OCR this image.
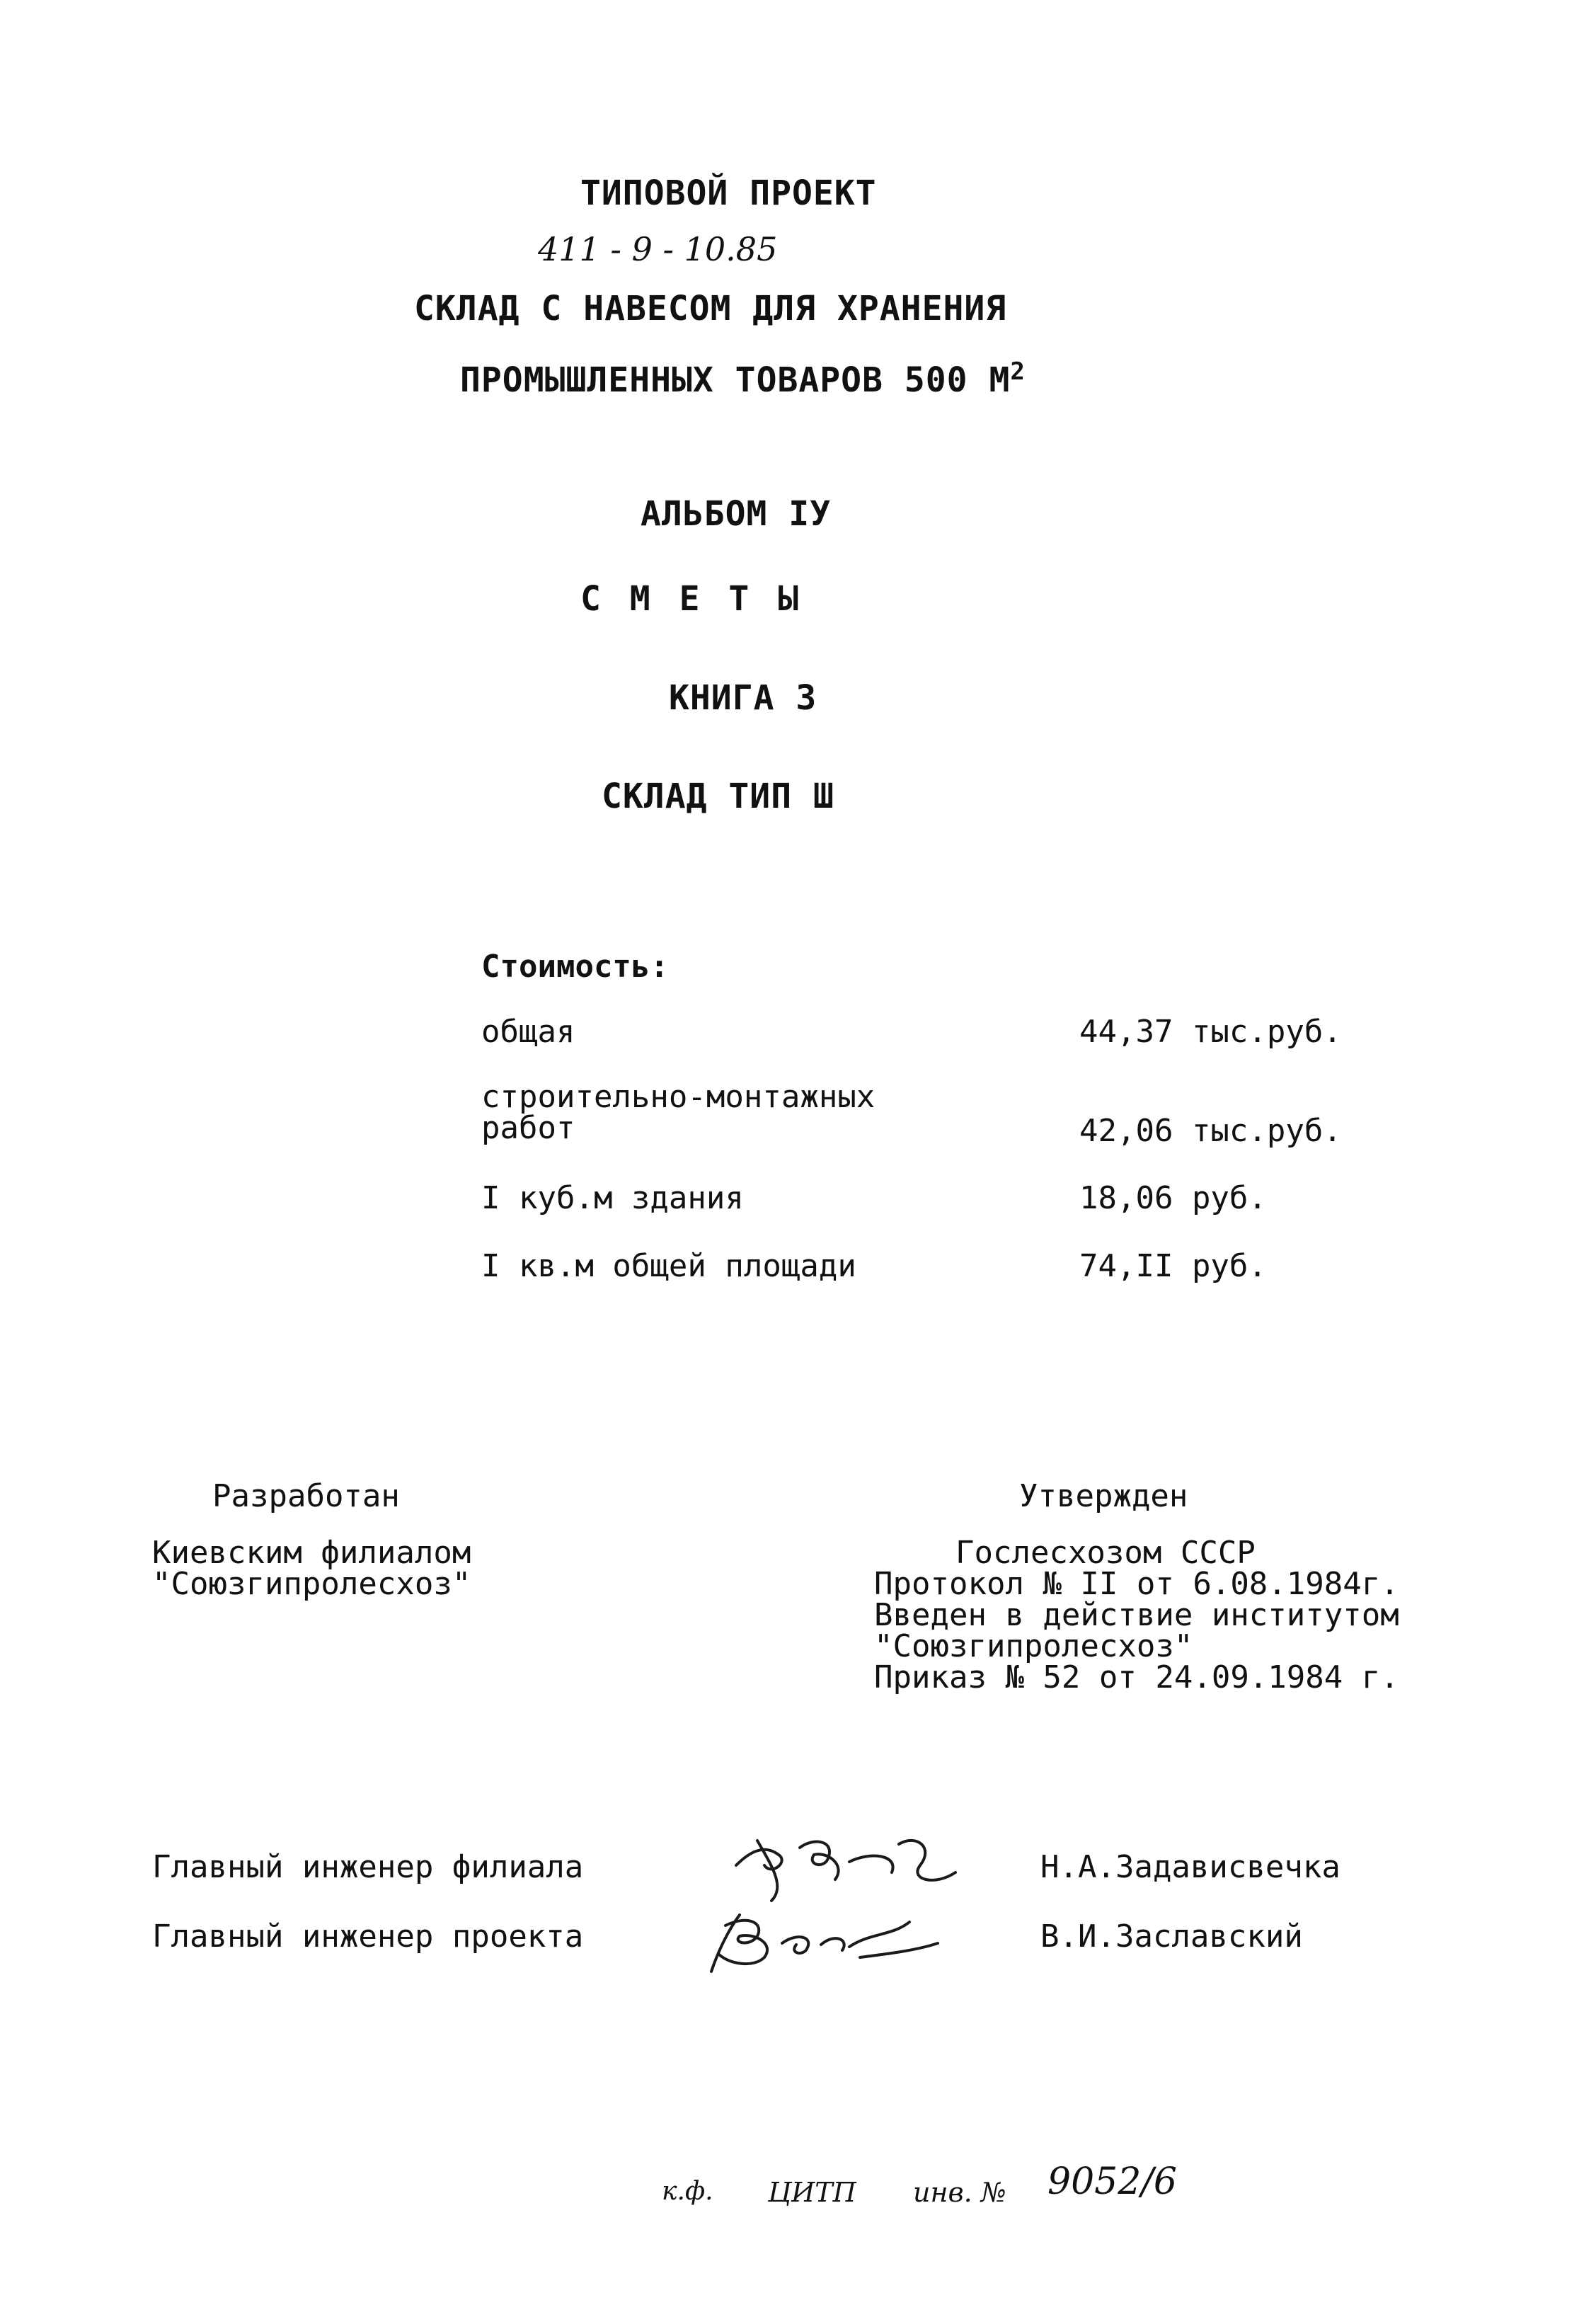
ТИПОВОЙ ПРОЕКТ
411 - 9 - 10.85
СКЛАД С НАВЕСОМ ДЛЯ ХРАНЕНИЯ
ПРОМЫШЛЕННЫХ ТОВАРОВ 500 $М^2$
АЛЬБОМ IУ
С М Е Т Ы
КНИГА 3
СКЛАД ТИП Ш
Стоимость:
общая	44,37 тыс.руб.
строительно-монтажных
работ	42,06 тыс.руб.
I куб.м здания	18,06 руб.
I кв.м общей площади	74,II руб.
Разработан
Киевским филиалом
"Союзгипролесхоз"
Утвержден
Гослесхозом СССР
Протокол № II от 6.08.1984г.
Введен в действие институтом
"Союзгипролесхоз"
Приказ № 52 от 24.09.1984 г.
Главный инженер филиала	Н.А.Задависвечка
Главный инженер проекта	В.И.Заславский
к.ф. ЦИТП инв. № 9052/6
